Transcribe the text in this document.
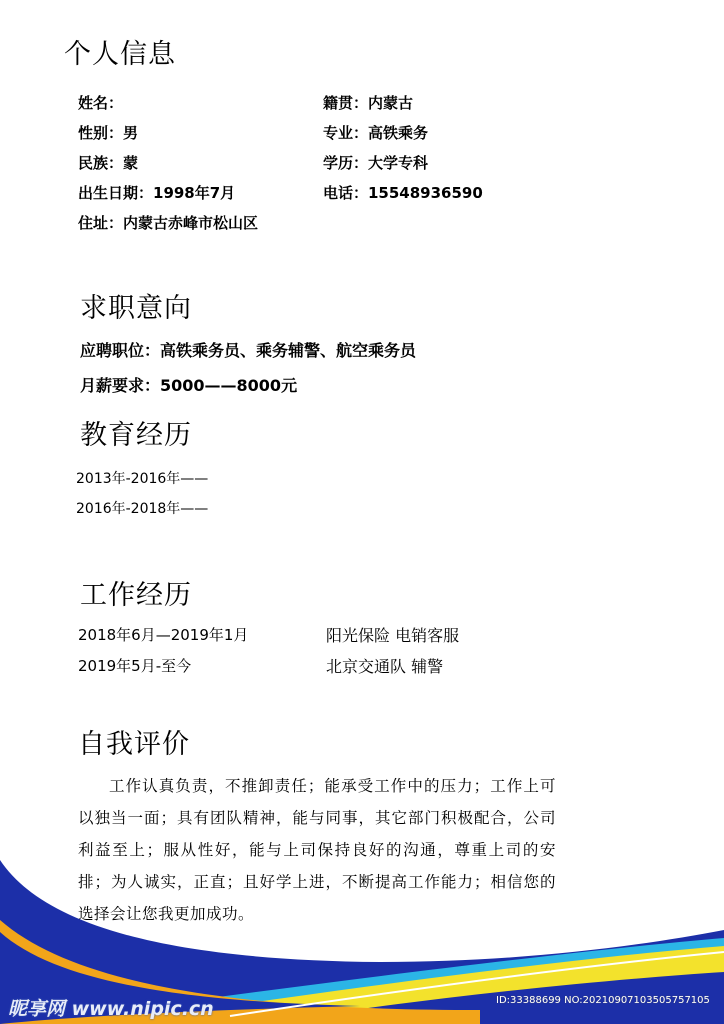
个人信息
姓名：	籍贯：内蒙古
性别：男	专业：高铁乘务
民族：蒙	学历：大学专科
出生日期：1998年7月	电话：15548936590
住址：内蒙古赤峰市松山区
求职意向
应聘职位：高铁乘务员、乘务辅警、航空乘务员
月薪要求：5000——8000元
教育经历
2013年-2016年——
2016年-2018年——
工作经历
2018年6月—2019年1月	阳光保险 电销客服
2019年5月-至今	北京交通队 辅警
自我评价
工作认真负责，不推卸责任；能承受工作中的压力；工作上可以独当一面；具有团队精神，能与同事，其它部门积极配合，公司利益至上；服从性好，能与上司保持良好的沟通，尊重上司的安排；为人诚实，正直；且好学上进，不断提高工作能力；相信您的选择会让您我更加成功。
昵享网 www.nipic.cn	ID:33388699 NO:20210907103505757105
